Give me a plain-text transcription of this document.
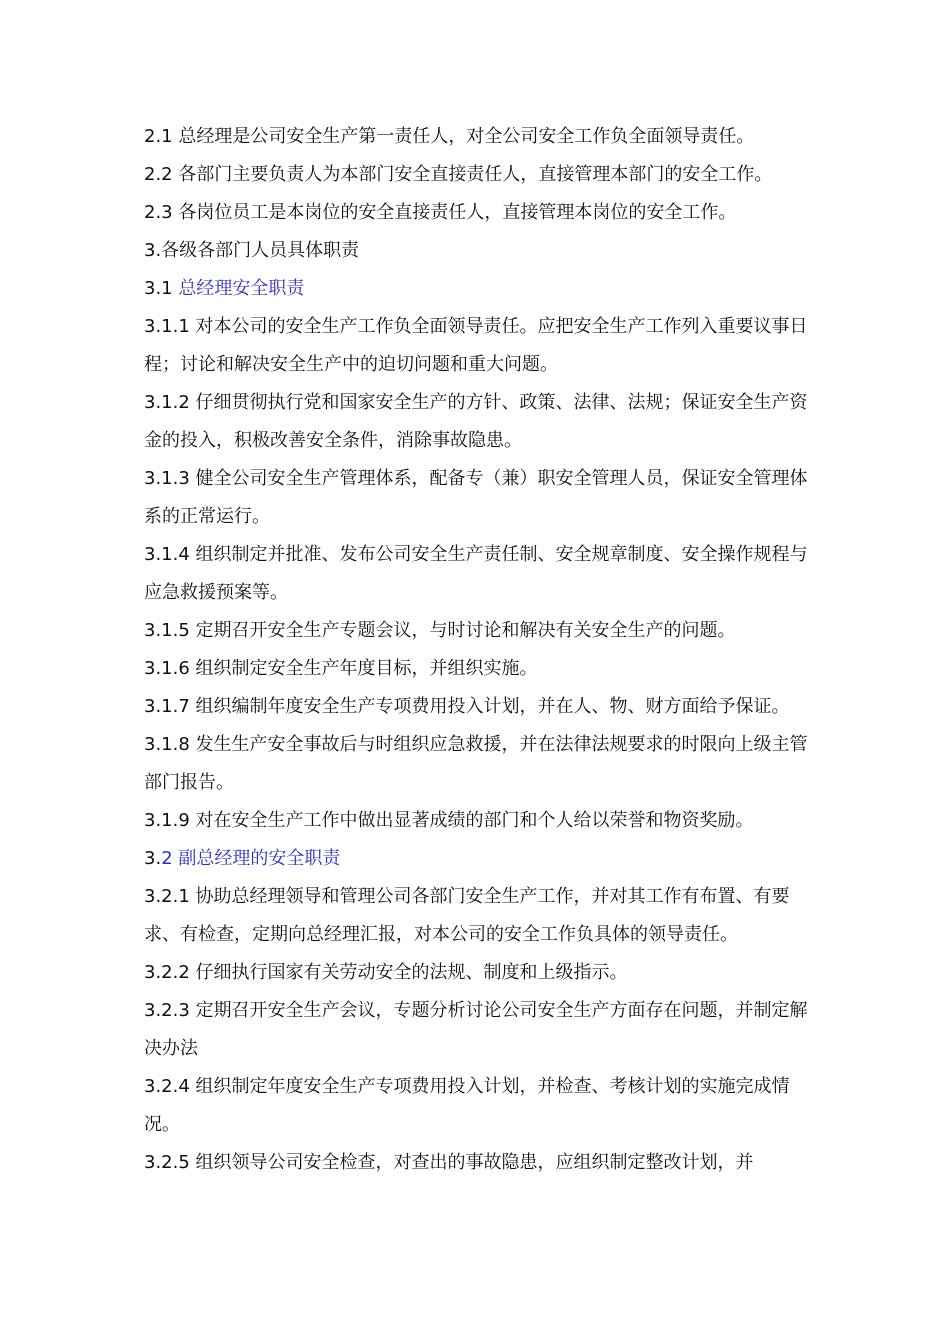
2.1 总经理是公司安全生产第一责任人，对全公司安全工作负全面领导责任。

2.2 各部门主要负责人为本部门安全直接责任人，直接管理本部门的安全工作。

2.3 各岗位员工是本岗位的安全直接责任人，直接管理本岗位的安全工作。

3.各级各部门人员具体职责

3.1 总经理安全职责

3.1.1 对本公司的安全生产工作负全面领导责任。应把安全生产工作列入重要议事日程；讨论和解决安全生产中的迫切问题和重大问题。

3.1.2 仔细贯彻执行党和国家安全生产的方针、政策、法律、法规；保证安全生产资金的投入，积极改善安全条件，消除事故隐患。

3.1.3 健全公司安全生产管理体系，配备专（兼）职安全管理人员，保证安全管理体系的正常运行。

3.1.4 组织制定并批准、发布公司安全生产责任制、安全规章制度、安全操作规程与应急救援预案等。

3.1.5 定期召开安全生产专题会议，与时讨论和解决有关安全生产的问题。

3.1.6 组织制定安全生产年度目标，并组织实施。

3.1.7 组织编制年度安全生产专项费用投入计划，并在人、物、财方面给予保证。

3.1.8 发生生产安全事故后与时组织应急救援，并在法律法规要求的时限向上级主管部门报告。

3.1.9 对在安全生产工作中做出显著成绩的部门和个人给以荣誉和物资奖励。

3.2 副总经理的安全职责

3.2.1 协助总经理领导和管理公司各部门安全生产工作，并对其工作有布置、有要求、有检查，定期向总经理汇报，对本公司的安全工作负具体的领导责任。

3.2.2 仔细执行国家有关劳动安全的法规、制度和上级指示。

3.2.3 定期召开安全生产会议，专题分析讨论公司安全生产方面存在问题，并制定解决办法

3.2.4 组织制定年度安全生产专项费用投入计划，并检查、考核计划的实施完成情况。

3.2.5 组织领导公司安全检查，对查出的事故隐患，应组织制定整改计划，并
